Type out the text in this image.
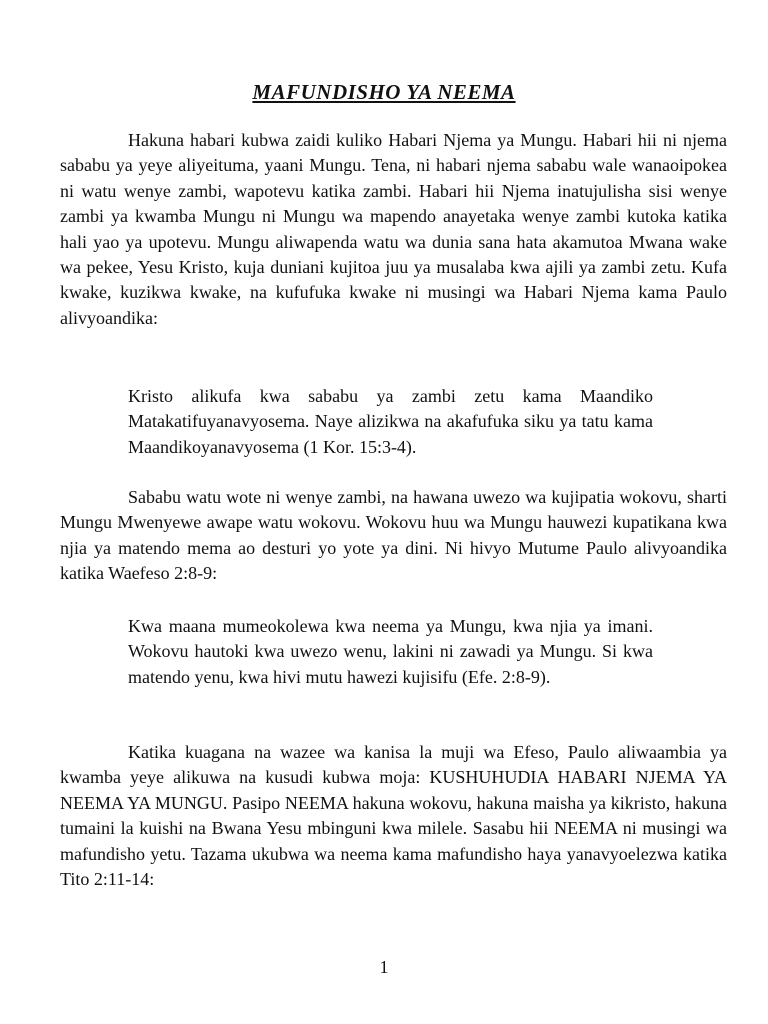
MAFUNDISHO YA NEEMA

Hakuna habari kubwa zaidi kuliko Habari Njema ya Mungu. Habari hii ni njema sababu ya yeye aliyeituma, yaani Mungu. Tena, ni habari njema sababu wale wanaoipokea ni watu wenye zambi, wapotevu katika zambi. Habari hii Njema inatujulisha sisi wenye zambi ya kwamba Mungu ni Mungu wa mapendo anayetaka wenye zambi kutoka katika hali yao ya upotevu. Mungu aliwapenda watu wa dunia sana hata akamutoa Mwana wake wa pekee, Yesu Kristo, kuja duniani kujitoa juu ya musalaba kwa ajili ya zambi zetu. Kufa kwake, kuzikwa kwake, na kufufuka kwake ni musingi wa Habari Njema kama Paulo alivyoandika:

Kristo alikufa kwa sababu ya zambi zetu kama Maandiko Matakatifuyanavyosema. Naye alizikwa na akafufuka siku ya tatu kama Maandikoyanavyosema (1 Kor. 15:3-4).

Sababu watu wote ni wenye zambi, na hawana uwezo wa kujipatia wokovu, sharti Mungu Mwenyewe awape watu wokovu. Wokovu huu wa Mungu hauwezi kupatikana kwa njia ya matendo mema ao desturi yo yote ya dini. Ni hivyo Mutume Paulo alivyoandika katika Waefeso 2:8-9:

Kwa maana mumeokolewa kwa neema ya Mungu, kwa njia ya imani. Wokovu hautoki kwa uwezo wenu, lakini ni zawadi ya Mungu. Si kwa matendo yenu, kwa hivi mutu hawezi kujisifu (Efe. 2:8-9).

Katika kuagana na wazee wa kanisa la muji wa Efeso, Paulo aliwaambia ya kwamba yeye alikuwa na kusudi kubwa moja: KUSHUHUDIA HABARI NJEMA YA NEEMA YA MUNGU. Pasipo NEEMA hakuna wokovu, hakuna maisha ya kikristo, hakuna tumaini la kuishi na Bwana Yesu mbinguni kwa milele. Sasabu hii NEEMA ni musingi wa mafundisho yetu. Tazama ukubwa wa neema kama mafundisho haya yanavyoelezwa katika Tito 2:11-14:

1
